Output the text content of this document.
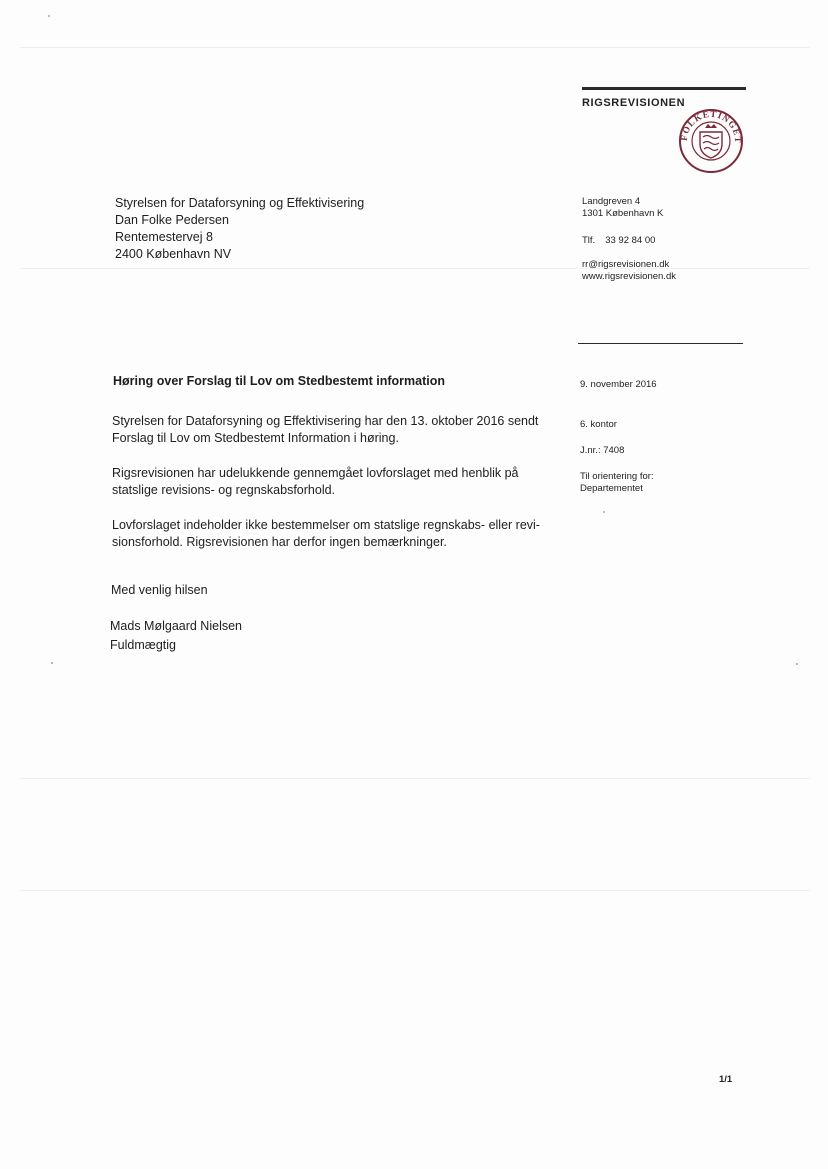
RIGSREVISIONEN
FOLKETINGET
Landgreven 4
1301 København K
Tlf. 33 92 84 00
rr@rigsrevisionen.dk
www.rigsrevisionen.dk
9. november 2016
6. kontor
J.nr.: 7408
Til orientering for:
Departementet
Styrelsen for Dataforsyning og Effektivisering
Dan Folke Pedersen
Rentemestervej 8
2400 København NV
Høring over Forslag til Lov om Stedbestemt information
Styrelsen for Dataforsyning og Effektivisering har den 13. oktober 2016 sendt
Forslag til Lov om Stedbestemt Information i høring.
Rigsrevisionen har udelukkende gennemgået lovforslaget med henblik på
statslige revisions- og regnskabsforhold.
Lovforslaget indeholder ikke bestemmelser om statslige regnskabs- eller revi-
sionsforhold. Rigsrevisionen har derfor ingen bemærkninger.
Med venlig hilsen
Mads Mølgaard Nielsen
Fuldmægtig
1/1
